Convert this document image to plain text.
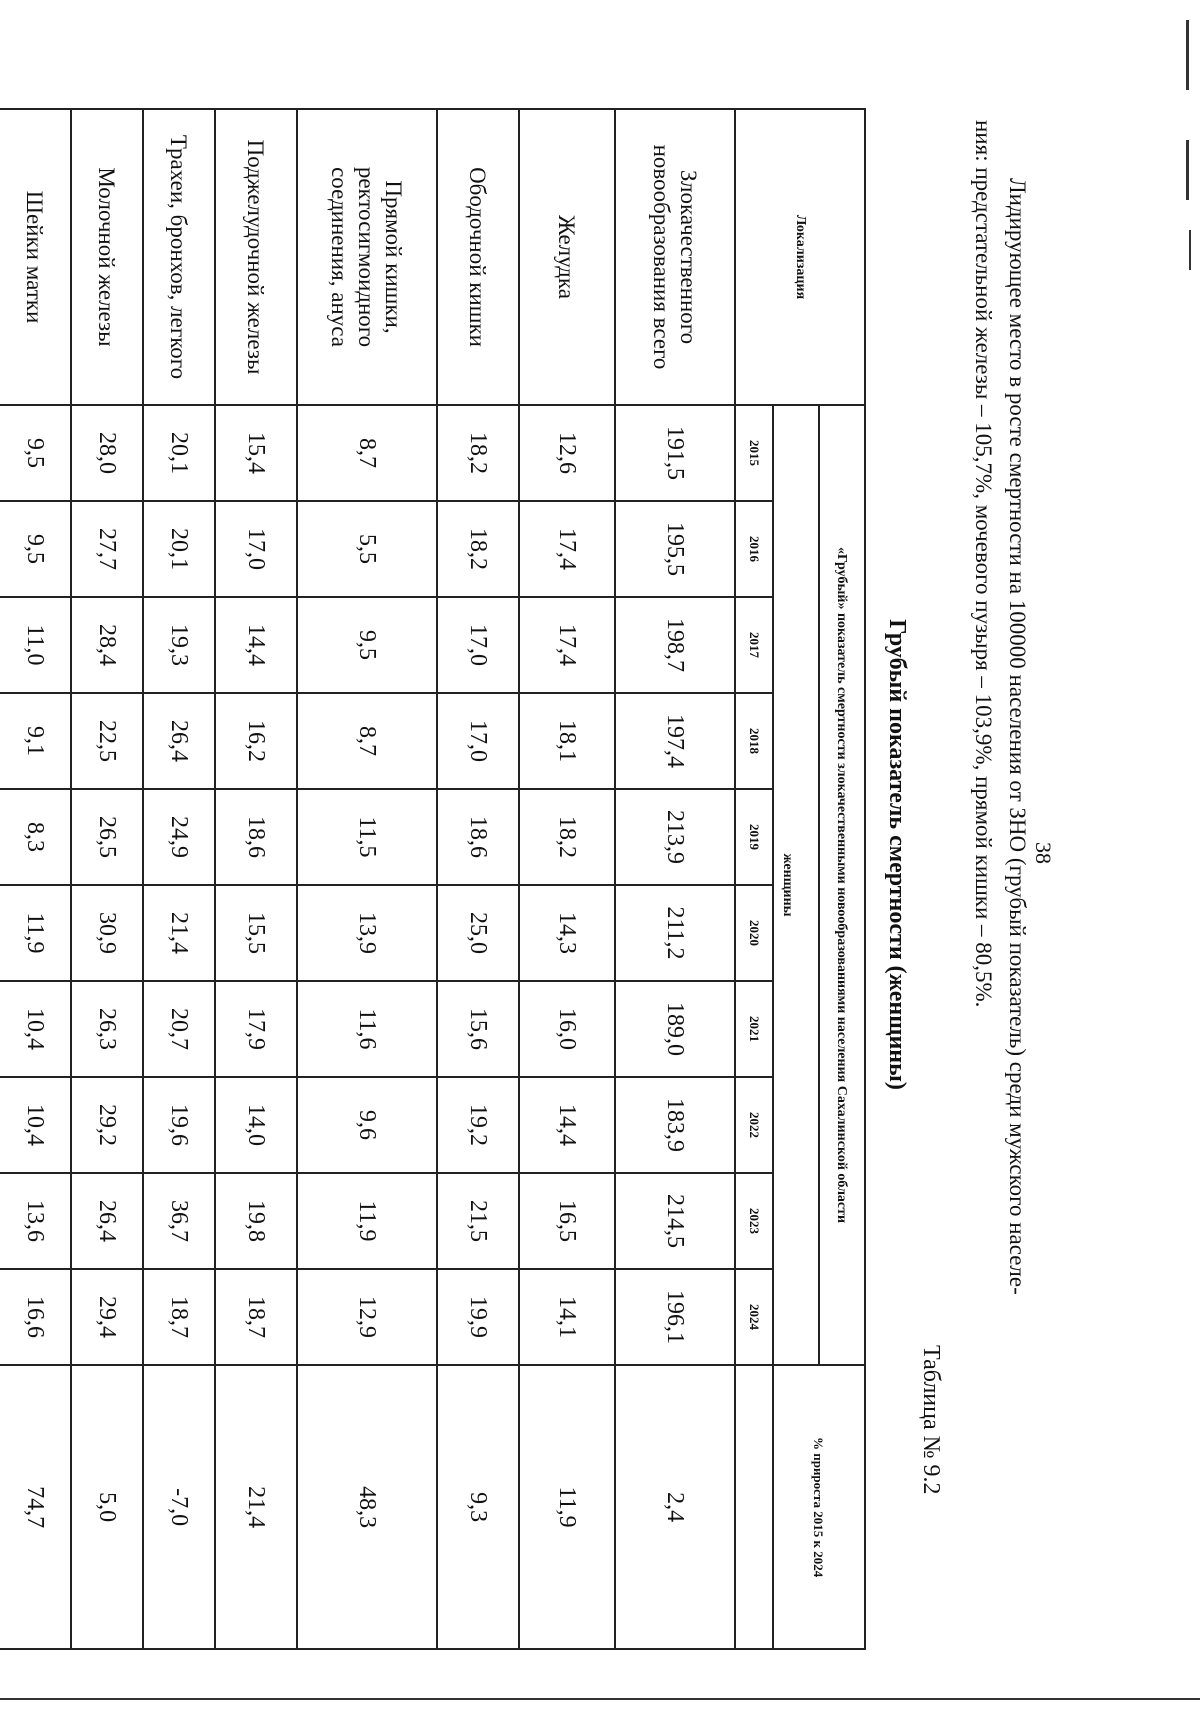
38

Лидирующее место в росте смертности на 100000 населения от ЗНО (грубый показатель) среди мужского населе-

ния: предстательной железы – 105,7%, мочевого пузыря – 103,9%, прямой кишки – 80,5%.

Таблица № 9.2
Грубый показатель смертности (женщины)
Локализация	«Грубый» показатель смертности злокачественными новообразованиями населения Сахалинской области										% прироста 2015 к 2024

	женщины										
	2015	2016	2017	2018	2019	2020	2021	2022	2023	2024	
Злокачественного новообразования всего	191,5	195,5	198,7	197,4	213,9	211,2	189,0	183,9	214,5	196,1	2,4
Желудка	12,6	17,4	17,4	18,1	18,2	14,3	16,0	14,4	16,5	14,1	11,9
Ободочной кишки	18,2	18,2	17,0	17,0	18,6	25,0	15,6	19,2	21,5	19,9	9,3
Прямой кишки, ректосигмоидного соединения, ануса	8,7	5,5	9,5	8,7	11,5	13,9	11,6	9,6	11,9	12,9	48,3
Поджелудочной железы	15,4	17,0	14,4	16,2	18,6	15,5	17,9	14,0	19,8	18,7	21,4
Трахеи, бронхов, легкого	20,1	20,1	19,3	26,4	24,9	21,4	20,7	19,6	36,7	18,7	-7,0
Молочной железы	28,0	27,7	28,4	22,5	26,5	30,9	26,3	29,2	26,4	29,4	5,0
Шейки матки	9,5	9,5	11,0	9,1	8,3	11,9	10,4	10,4	13,6	16,6	74,7
